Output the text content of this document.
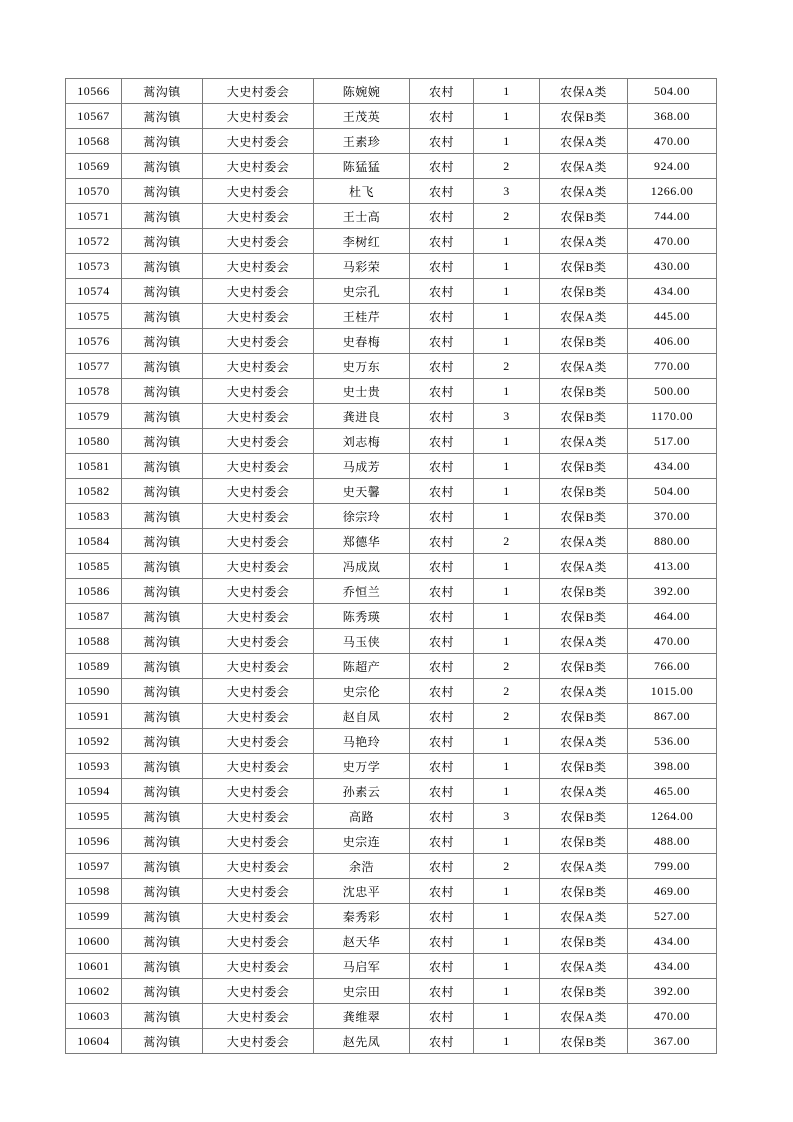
10566	蒿沟镇	大史村委会	陈婉婉	农村	1	农保A类	504.00
10567	蒿沟镇	大史村委会	王茂英	农村	1	农保B类	368.00
10568	蒿沟镇	大史村委会	王素珍	农村	1	农保A类	470.00
10569	蒿沟镇	大史村委会	陈猛猛	农村	2	农保A类	924.00
10570	蒿沟镇	大史村委会	杜飞	农村	3	农保A类	1266.00
10571	蒿沟镇	大史村委会	王士高	农村	2	农保B类	744.00
10572	蒿沟镇	大史村委会	李树红	农村	1	农保A类	470.00
10573	蒿沟镇	大史村委会	马彩荣	农村	1	农保B类	430.00
10574	蒿沟镇	大史村委会	史宗孔	农村	1	农保B类	434.00
10575	蒿沟镇	大史村委会	王桂芹	农村	1	农保A类	445.00
10576	蒿沟镇	大史村委会	史春梅	农村	1	农保B类	406.00
10577	蒿沟镇	大史村委会	史万东	农村	2	农保A类	770.00
10578	蒿沟镇	大史村委会	史士贵	农村	1	农保B类	500.00
10579	蒿沟镇	大史村委会	龚进良	农村	3	农保B类	1170.00
10580	蒿沟镇	大史村委会	刘志梅	农村	1	农保A类	517.00
10581	蒿沟镇	大史村委会	马成芳	农村	1	农保B类	434.00
10582	蒿沟镇	大史村委会	史天馨	农村	1	农保B类	504.00
10583	蒿沟镇	大史村委会	徐宗玲	农村	1	农保B类	370.00
10584	蒿沟镇	大史村委会	郑德华	农村	2	农保A类	880.00
10585	蒿沟镇	大史村委会	冯成岚	农村	1	农保A类	413.00
10586	蒿沟镇	大史村委会	乔恒兰	农村	1	农保B类	392.00
10587	蒿沟镇	大史村委会	陈秀瑛	农村	1	农保B类	464.00
10588	蒿沟镇	大史村委会	马玉侠	农村	1	农保A类	470.00
10589	蒿沟镇	大史村委会	陈超产	农村	2	农保B类	766.00
10590	蒿沟镇	大史村委会	史宗伦	农村	2	农保A类	1015.00
10591	蒿沟镇	大史村委会	赵自凤	农村	2	农保B类	867.00
10592	蒿沟镇	大史村委会	马艳玲	农村	1	农保A类	536.00
10593	蒿沟镇	大史村委会	史万学	农村	1	农保B类	398.00
10594	蒿沟镇	大史村委会	孙素云	农村	1	农保A类	465.00
10595	蒿沟镇	大史村委会	高路	农村	3	农保B类	1264.00
10596	蒿沟镇	大史村委会	史宗连	农村	1	农保B类	488.00
10597	蒿沟镇	大史村委会	余浩	农村	2	农保A类	799.00
10598	蒿沟镇	大史村委会	沈忠平	农村	1	农保B类	469.00
10599	蒿沟镇	大史村委会	秦秀彩	农村	1	农保A类	527.00
10600	蒿沟镇	大史村委会	赵天华	农村	1	农保B类	434.00
10601	蒿沟镇	大史村委会	马启军	农村	1	农保A类	434.00
10602	蒿沟镇	大史村委会	史宗田	农村	1	农保B类	392.00
10603	蒿沟镇	大史村委会	龚维翠	农村	1	农保A类	470.00
10604	蒿沟镇	大史村委会	赵先凤	农村	1	农保B类	367.00
